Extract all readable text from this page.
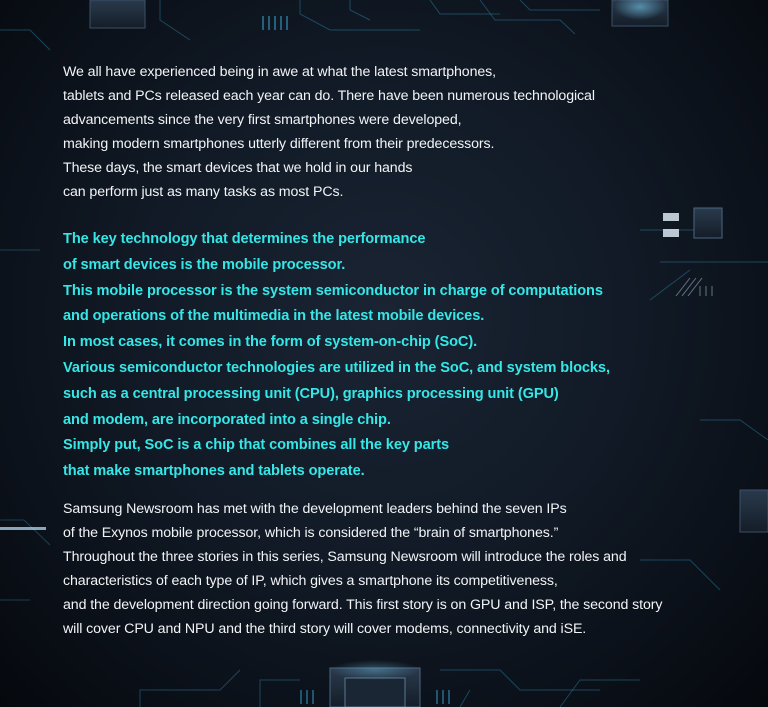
We all have experienced being in awe at what the latest smartphones,
tablets and PCs released each year can do. There have been numerous technological
advancements since the very first smartphones were developed,
making modern smartphones utterly different from their predecessors.
These days, the smart devices that we hold in our hands
can perform just as many tasks as most PCs.
The key technology that determines the performance
of smart devices is the mobile processor.
This mobile processor is the system semiconductor in charge of computations
and operations of the multimedia in the latest mobile devices.
In most cases, it comes in the form of system-on-chip (SoC).
Various semiconductor technologies are utilized in the SoC, and system blocks,
such as a central processing unit (CPU), graphics processing unit (GPU)
and modem, are incorporated into a single chip.
Simply put, SoC is a chip that combines all the key parts
that make smartphones and tablets operate.
Samsung Newsroom has met with the development leaders behind the seven IPs
of the Exynos mobile processor, which is considered the “brain of smartphones.”
Throughout the three stories in this series, Samsung Newsroom will introduce the roles and
characteristics of each type of IP, which gives a smartphone its competitiveness,
and the development direction going forward. This first story is on GPU and ISP, the second story
will cover CPU and NPU and the third story will cover modems, connectivity and iSE.
